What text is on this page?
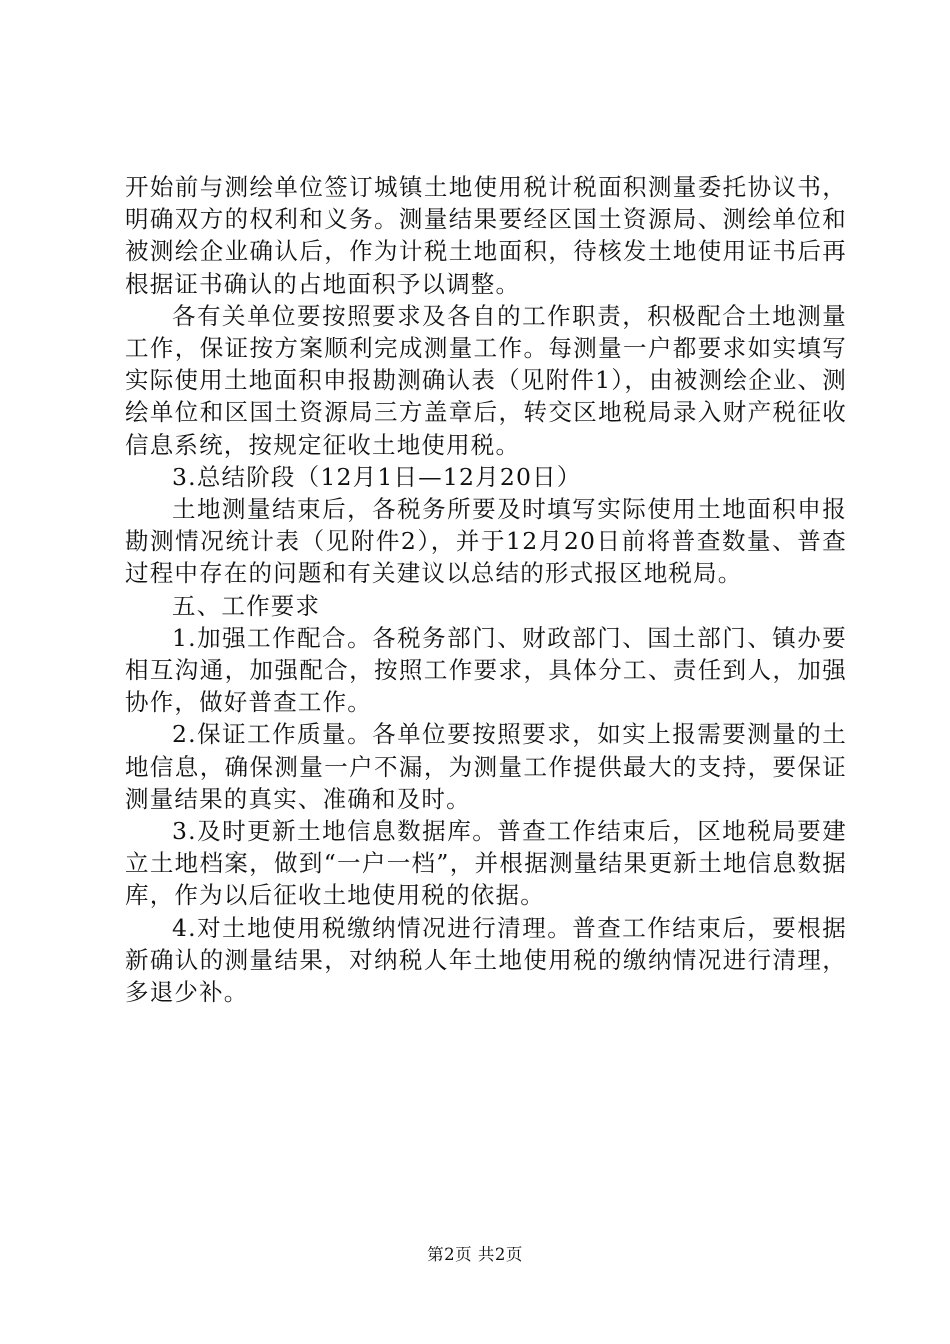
开始前与测绘单位签订城镇土地使用税计税面积测量委托协议书，明确双方的权利和义务。测量结果要经区国土资源局、测绘单位和被测绘企业确认后，作为计税土地面积，待核发土地使用证书后再根据证书确认的占地面积予以调整。

各有关单位要按照要求及各自的工作职责，积极配合土地测量工作，保证按方案顺利完成测量工作。每测量一户都要求如实填写实际使用土地面积申报勘测确认表（见附件1），由被测绘企业、测绘单位和区国土资源局三方盖章后，转交区地税局录入财产税征收信息系统，按规定征收土地使用税。

3.总结阶段（12月1日—12月20日）

土地测量结束后，各税务所要及时填写实际使用土地面积申报勘测情况统计表（见附件2），并于12月20日前将普查数量、普查过程中存在的问题和有关建议以总结的形式报区地税局。

五、工作要求

1.加强工作配合。各税务部门、财政部门、国土部门、镇办要相互沟通，加强配合，按照工作要求，具体分工、责任到人，加强协作，做好普查工作。

2.保证工作质量。各单位要按照要求，如实上报需要测量的土地信息，确保测量一户不漏，为测量工作提供最大的支持，要保证测量结果的真实、准确和及时。

3.及时更新土地信息数据库。普查工作结束后，区地税局要建立土地档案，做到“一户一档”，并根据测量结果更新土地信息数据库，作为以后征收土地使用税的依据。

4.对土地使用税缴纳情况进行清理。普查工作结束后，要根据新确认的测量结果，对纳税人年土地使用税的缴纳情况进行清理，多退少补。

第2页 共2页
